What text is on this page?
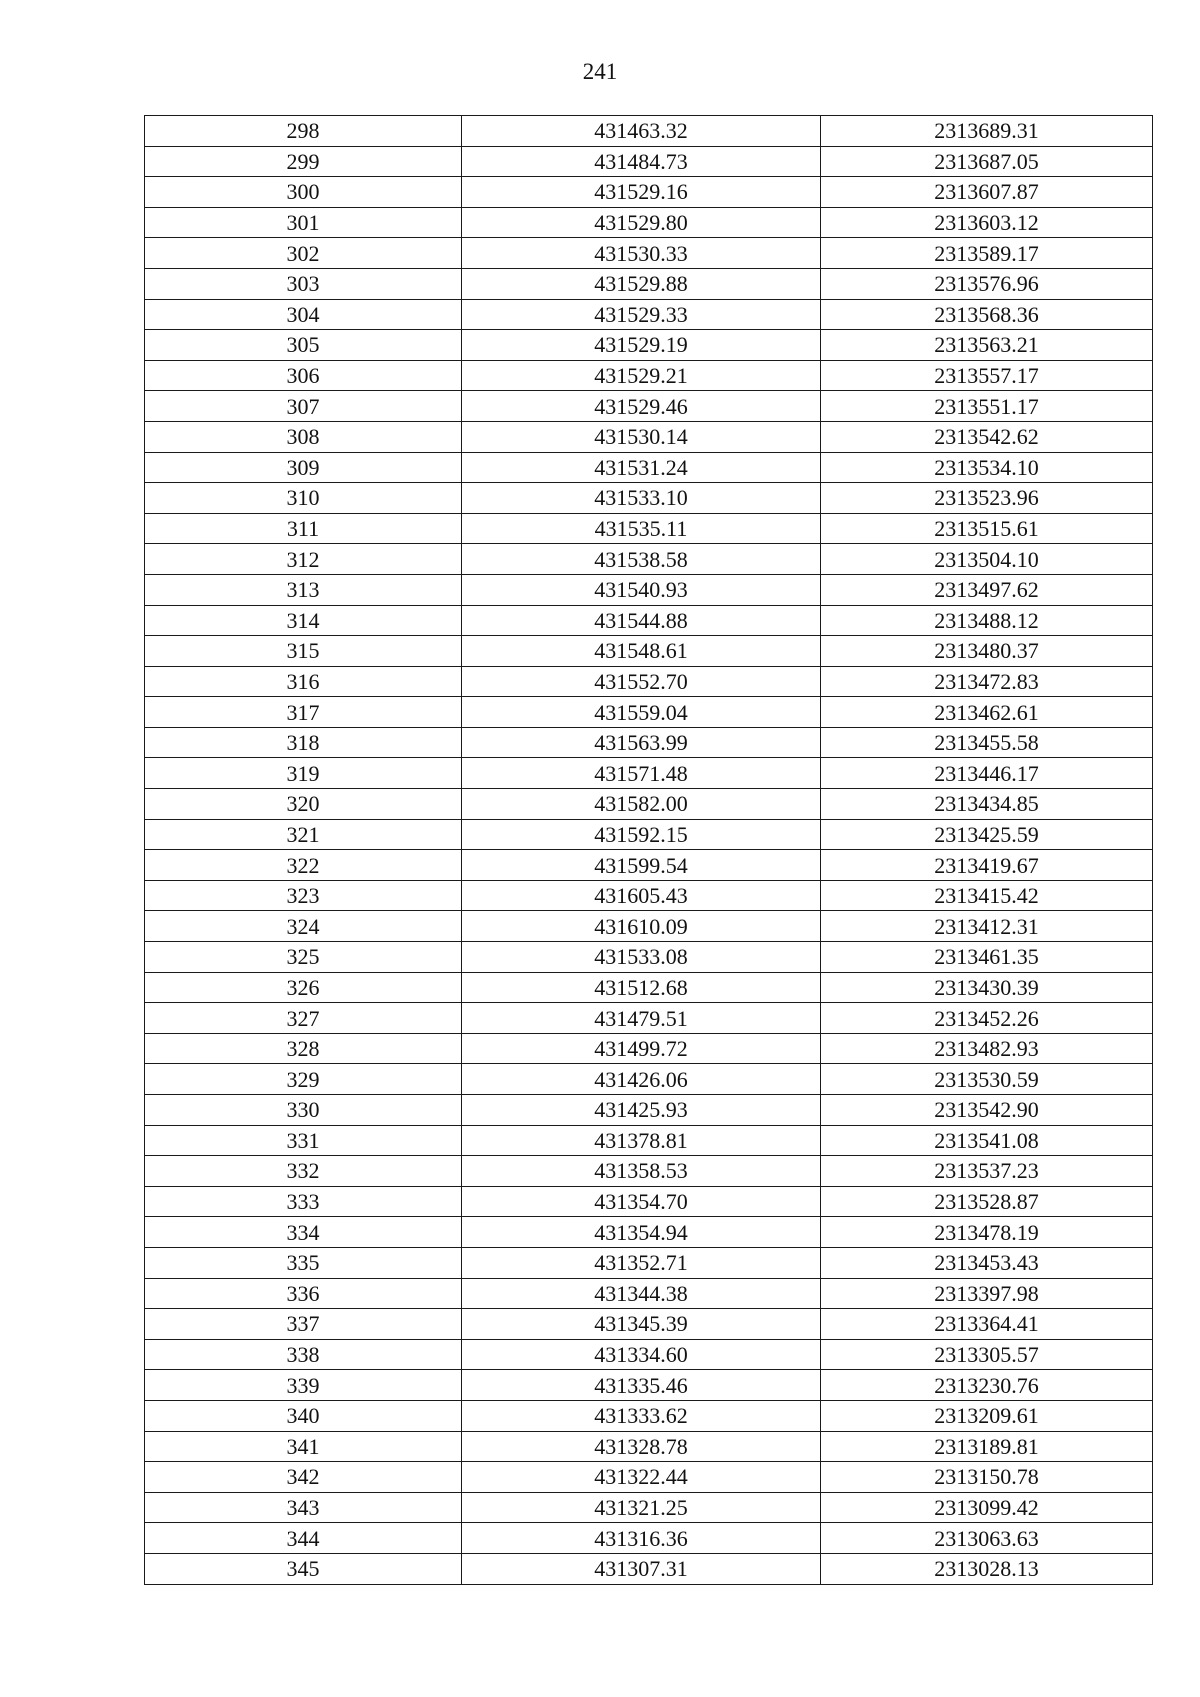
241
298	431463.32	2313689.31
299	431484.73	2313687.05
300	431529.16	2313607.87
301	431529.80	2313603.12
302	431530.33	2313589.17
303	431529.88	2313576.96
304	431529.33	2313568.36
305	431529.19	2313563.21
306	431529.21	2313557.17
307	431529.46	2313551.17
308	431530.14	2313542.62
309	431531.24	2313534.10
310	431533.10	2313523.96
311	431535.11	2313515.61
312	431538.58	2313504.10
313	431540.93	2313497.62
314	431544.88	2313488.12
315	431548.61	2313480.37
316	431552.70	2313472.83
317	431559.04	2313462.61
318	431563.99	2313455.58
319	431571.48	2313446.17
320	431582.00	2313434.85
321	431592.15	2313425.59
322	431599.54	2313419.67
323	431605.43	2313415.42
324	431610.09	2313412.31
325	431533.08	2313461.35
326	431512.68	2313430.39
327	431479.51	2313452.26
328	431499.72	2313482.93
329	431426.06	2313530.59
330	431425.93	2313542.90
331	431378.81	2313541.08
332	431358.53	2313537.23
333	431354.70	2313528.87
334	431354.94	2313478.19
335	431352.71	2313453.43
336	431344.38	2313397.98
337	431345.39	2313364.41
338	431334.60	2313305.57
339	431335.46	2313230.76
340	431333.62	2313209.61
341	431328.78	2313189.81
342	431322.44	2313150.78
343	431321.25	2313099.42
344	431316.36	2313063.63
345	431307.31	2313028.13
